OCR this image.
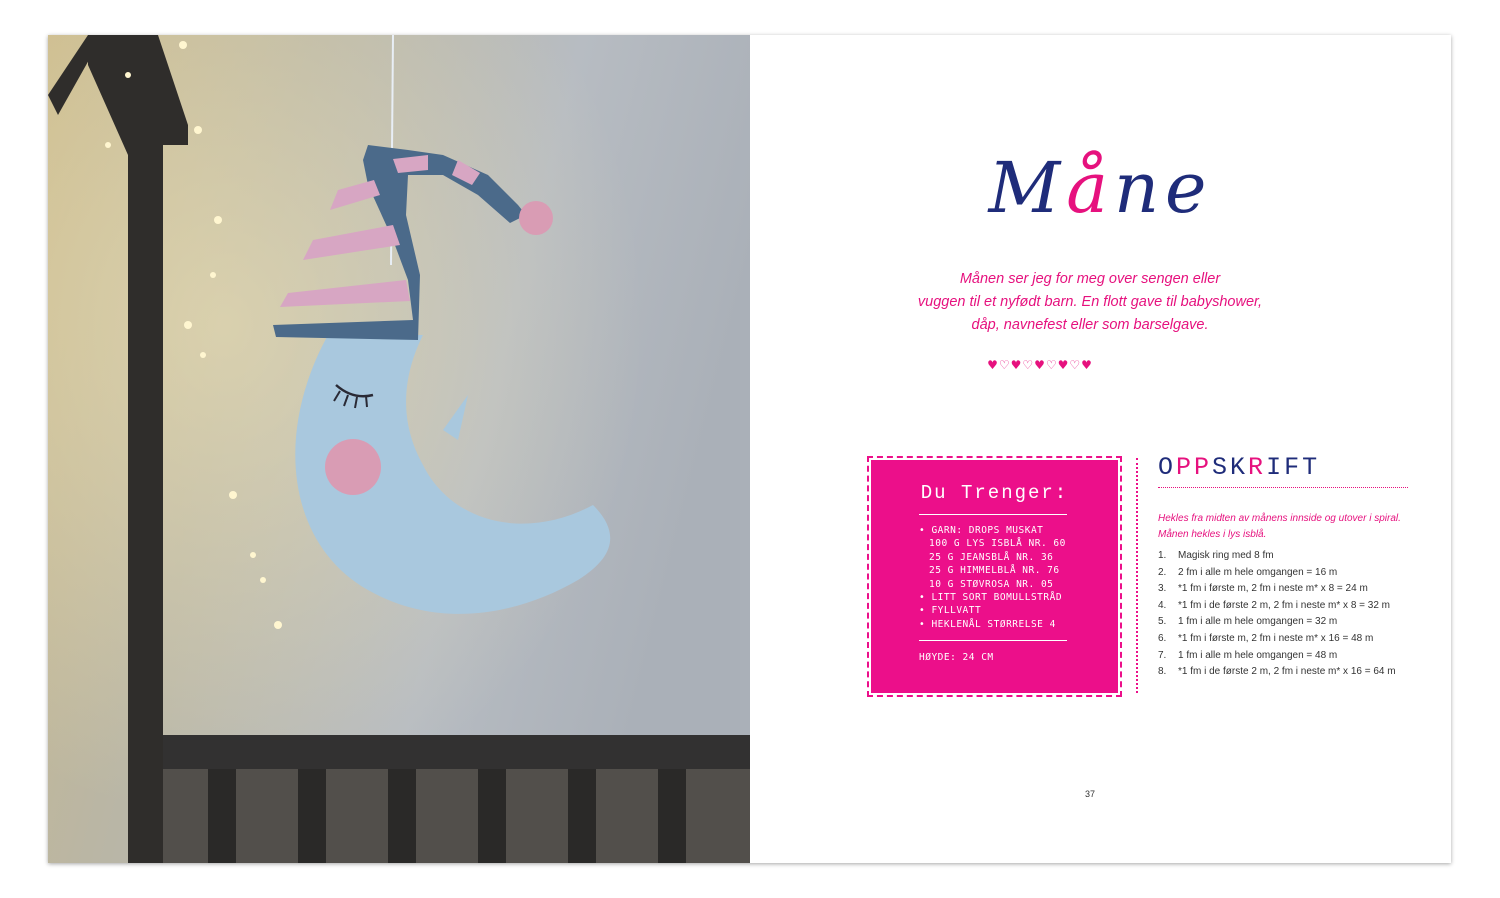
Måne
Månen ser jeg for meg over sengen eller
vuggen til et nyfødt barn. En flott gave til babyshower,
dåp, navnefest eller som barselgave.
♥♡♥♡♥♡♥♡♥
Du Trenger:
• GARN: DROPS MUSKAT
100 G LYS ISBLÅ NR. 60
25 G JEANSBLÅ NR. 36
25 G HIMMELBLÅ NR. 76
10 G STØVROSA NR. 05
• LITT SORT BOMULLSTRÅD
• FYLLVATT
• HEKLENÅL STØRRELSE 4
HØYDE: 24 CM
OPPSKRIFT
Hekles fra midten av månens innside og utover i spiral.
Månen hekles i lys isblå.
1. Magisk ring med 8 fm
2. 2 fm i alle m hele omgangen = 16 m
3. *1 fm i første m, 2 fm i neste m* x 8 = 24 m
4. *1 fm i de første 2 m, 2 fm i neste m* x 8 = 32 m
5. 1 fm i alle m hele omgangen = 32 m
6. *1 fm i første m, 2 fm i neste m* x 16 = 48 m
7. 1 fm i alle m hele omgangen = 48 m
8. *1 fm i de første 2 m, 2 fm i neste m* x 16 = 64 m
37
